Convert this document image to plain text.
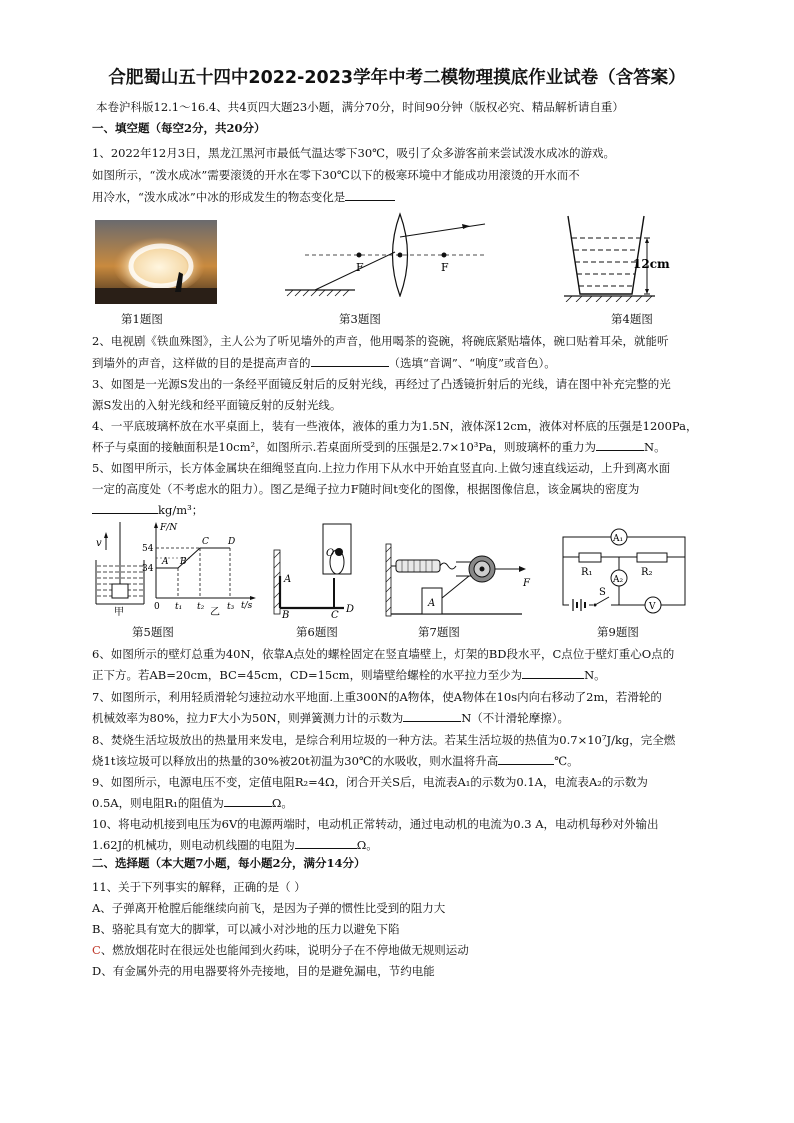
合肥蜀山五十四中2022-2023学年中考二模物理摸底作业试卷（含答案）
本卷沪科版12.1～16.4、共4页四大题23小题，满分70分，时间90分钟（版权必究、精品解析请自重）
一、填空题（每空2分，共20分）
1、2022年12月3日，黑龙江黑河市最低气温达零下30℃，吸引了众多游客前来尝试泼水成冰的游戏。
如图所示，“泼水成冰”需要滚烫的开水在零下30℃以下的极寒环境中才能成功用滚烫的开水而不
用冷水，“泼水成冰”中冰的形成发生的物态变化是
F	F	12cm
第1题图	第3题图	第4题图
2、电视剧《铁血殊图》，主人公为了听见墙外的声音，他用喝茶的瓷碗，将碗底紧贴墙体，碗口贴着耳朵，就能听
到墙外的声音，这样做的目的是提高声音的	（选填“音调”、“响度”或音色）。
3、如图是一光源S发出的一条经平面镜反射后的反射光线，再经过了凸透镜折射后的光线，请在图中补充完整的光
源S发出的入射光线和经平面镜反射的反射光线。
4、一平底玻璃杯放在水平桌面上，装有一些液体，液体的重力为1.5N，液体深12cm，液体对杯底的压强是1200Pa，
杯子与桌面的接触面积是10cm²，如图所示.若桌面所受到的压强是2.7×10³Pa，则玻璃杯的重力为	N。
5、如图甲所示，长方体金属块在细绳竖直向.上拉力作用下从水中开始直竖直向.上做匀速直线运动，上升到离水面
一定的高度处（不考虑水的阻力）。图乙是绳子拉力F随时间t变化的图像，根据图像信息，该金属块的密度为
kg/m³；
v
甲
F/N
t/s
54
34
A B
C D
0 t₁ t₂	t₃
乙
A
B	C
D
O
A
F
A₁
A₂
V
R₁	R₂
S
第5题图	第6题图	第7题图	第9题图
6、如图所示的壁灯总重为40N，依靠A点处的螺栓固定在竖直墙壁上，灯架的BD段水平，C点位于壁灯重心O点的
正下方。若AB=20cm，BC=45cm，CD=15cm，则墙壁给螺栓的水平拉力至少为	N。
7、如图所示，利用轻质滑轮匀速拉动水平地面.上重300N的A物体，使A物体在10s内向右移动了2m，若滑轮的
机械效率为80%，拉力F大小为50N，则弹簧测力计的示数为	N（不计滑轮摩擦）。
8、焚烧生活垃圾放出的热量用来发电，是综合利用垃圾的一种方法。若某生活垃圾的热值为0.7×10⁷J/kg，完全燃
烧1t该垃圾可以释放出的热量的30%被20t初温为30℃的水吸收，则水温将升高	℃。
9、如图所示，电源电压不变，定值电阻R₂=4Ω，闭合开关S后，电流表A₁的示数为0.1A，电流表A₂的示数为
0.5A，则电阻R₁的阻值为	Ω。
10、将电动机接到电压为6V的电源两端时，电动机正常转动，通过电动机的电流为0.3 A，电动机每秒对外输出
1.62J的机械功，则电动机线圈的电阻为	Ω。
二、选择题（本大题7小题，每小题2分，满分14分）
11、关于下列事实的解释，正确的是（ ）
A、子弹离开枪膛后能继续向前飞，是因为子弹的惯性比受到的阻力大
B、骆驼具有宽大的脚掌，可以减小对沙地的压力以避免下陷
C、燃放烟花时在很远处也能闻到火药味，说明分子在不停地做无规则运动
D、有金属外壳的用电器要将外壳接地，目的是避免漏电，节约电能
